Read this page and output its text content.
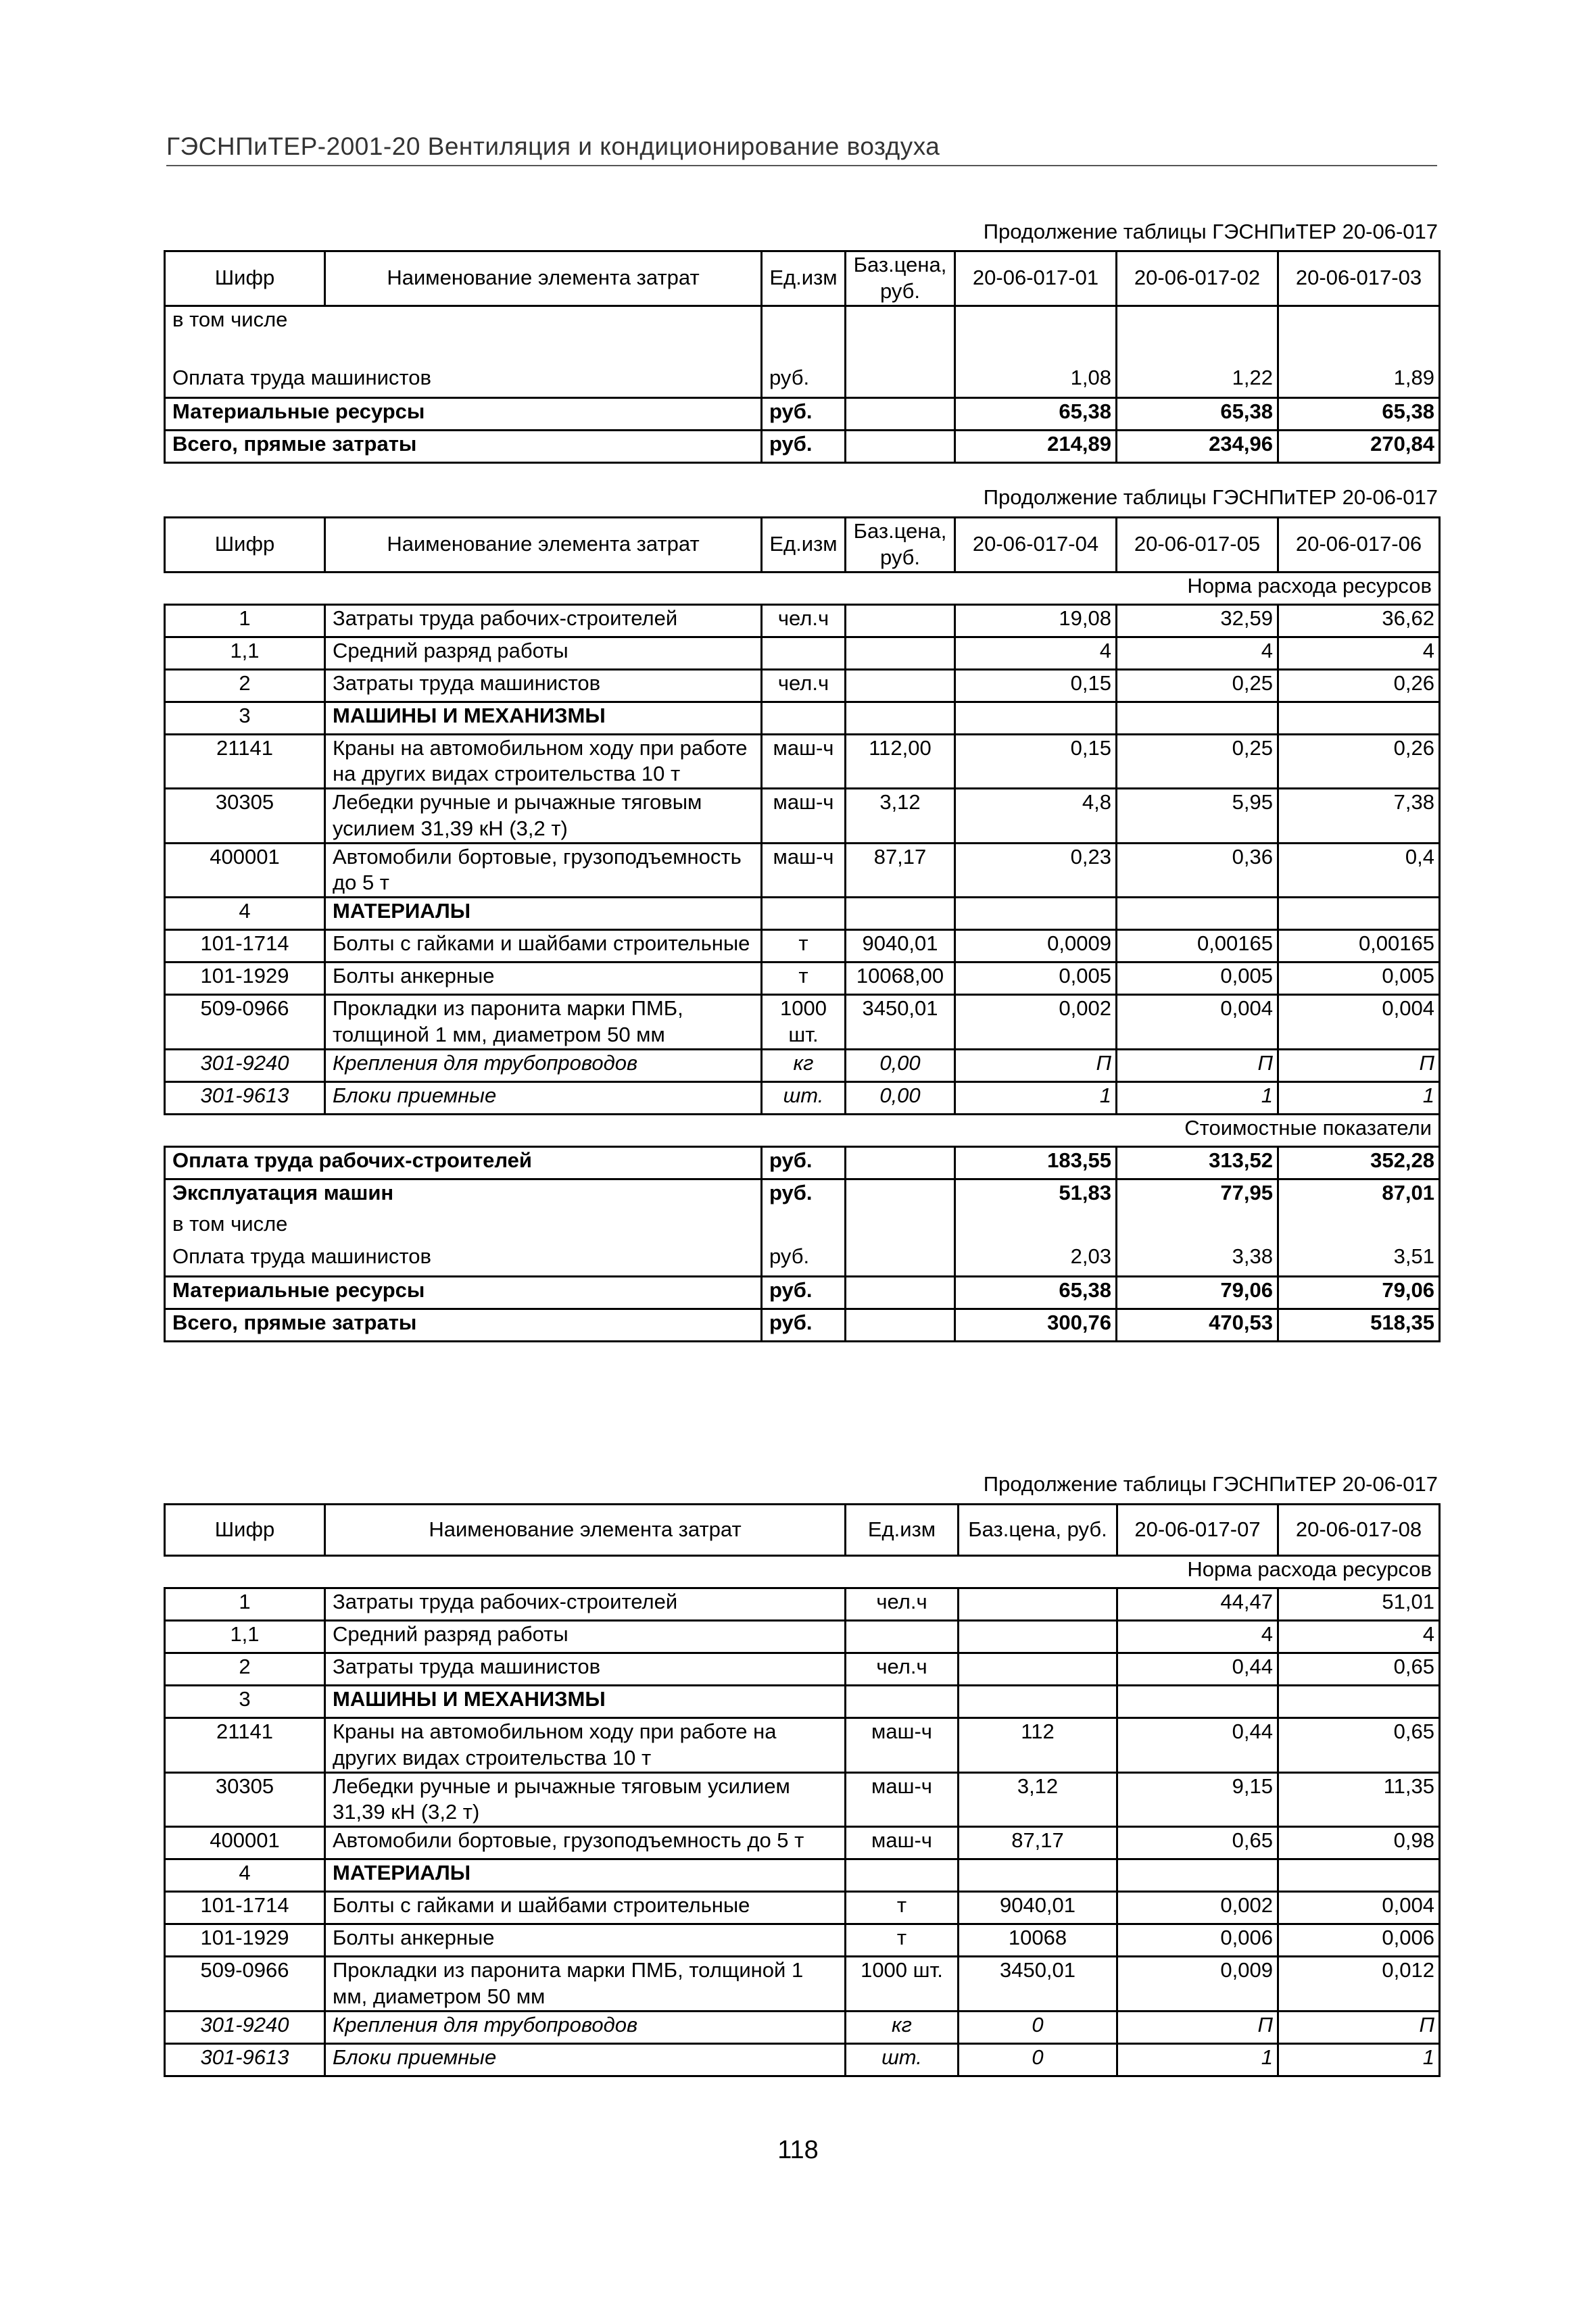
ГЭСНПиТЕР-2001-20 Вентиляция и кондиционирование воздуха
Продолжение таблицы ГЭСНПиТЕР 20-06-017
Шифр	Наименование элемента затрат	Ед.изм	Баз.цена, руб.	20-06-017-01	20-06-017-02	20-06-017-03
в том числе						

Оплата труда машинистов		руб.		1,08	1,22	1,89
Материальные ресурсы		руб.		65,38	65,38	65,38
Всего, прямые затраты		руб.		214,89	234,96	270,84
Продолжение таблицы ГЭСНПиТЕР 20-06-017
Шифр	Наименование элемента затрат	Ед.изм	Баз.цена, руб.	20-06-017-04	20-06-017-05	20-06-017-06
Норма расхода ресурсов						
1	Затраты труда рабочих-строителей	чел.ч		19,08	32,59	36,62
1,1	Средний разряд работы			4	4	4
2	Затраты труда машинистов	чел.ч		0,15	0,25	0,26
3	МАШИНЫ И МЕХАНИЗМЫ					
21141	Краны на автомобильном ходу при работе на других видах строительства 10 т	маш-ч	112,00	0,15	0,25	0,26
30305	Лебедки ручные и рычажные тяговым усилием 31,39 кН (3,2 т)	маш-ч	3,12	4,8	5,95	7,38
400001	Автомобили бортовые, грузоподъемность до 5 т	маш-ч	87,17	0,23	0,36	0,4
4	МАТЕРИАЛЫ					
101-1714	Болты с гайками и шайбами строительные	т	9040,01	0,0009	0,00165	0,00165
101-1929	Болты анкерные	т	10068,00	0,005	0,005	0,005
509-0966	Прокладки из паронита марки ПМБ, толщиной 1 мм, диаметром 50 мм	1000 шт.	3450,01	0,002	0,004	0,004
301-9240	Крепления для трубопроводов	кг	0,00	П	П	П
301-9613	Блоки приемные	шт.	0,00	1	1	1
Стоимостные показатели						
Оплата труда рабочих-строителей		руб.		183,55	313,52	352,28
Эксплуатация машин		руб.		51,83	77,95	87,01
в том числе						
Оплата труда машинистов		руб.		2,03	3,38	3,51
Материальные ресурсы		руб.		65,38	79,06	79,06
Всего, прямые затраты		руб.		300,76	470,53	518,35
Продолжение таблицы ГЭСНПиТЕР 20-06-017
Шифр	Наименование элемента затрат	Ед.изм	Баз.цена, руб.	20-06-017-07	20-06-017-08
Норма расхода ресурсов					
1	Затраты труда рабочих-строителей	чел.ч		44,47	51,01
1,1	Средний разряд работы			4	4
2	Затраты труда машинистов	чел.ч		0,44	0,65
3	МАШИНЫ И МЕХАНИЗМЫ				
21141	Краны на автомобильном ходу при работе на других видах строительства 10 т	маш-ч	112	0,44	0,65
30305	Лебедки ручные и рычажные тяговым усилием 31,39 кН (3,2 т)	маш-ч	3,12	9,15	11,35
400001	Автомобили бортовые, грузоподъемность до 5 т	маш-ч	87,17	0,65	0,98
4	МАТЕРИАЛЫ				
101-1714	Болты с гайками и шайбами строительные	т	9040,01	0,002	0,004
101-1929	Болты анкерные	т	10068	0,006	0,006
509-0966	Прокладки из паронита марки ПМБ, толщиной 1 мм, диаметром 50 мм	1000 шт.	3450,01	0,009	0,012
301-9240	Крепления для трубопроводов	кг	0	П	П
301-9613	Блоки приемные	шт.	0	1	1
118
